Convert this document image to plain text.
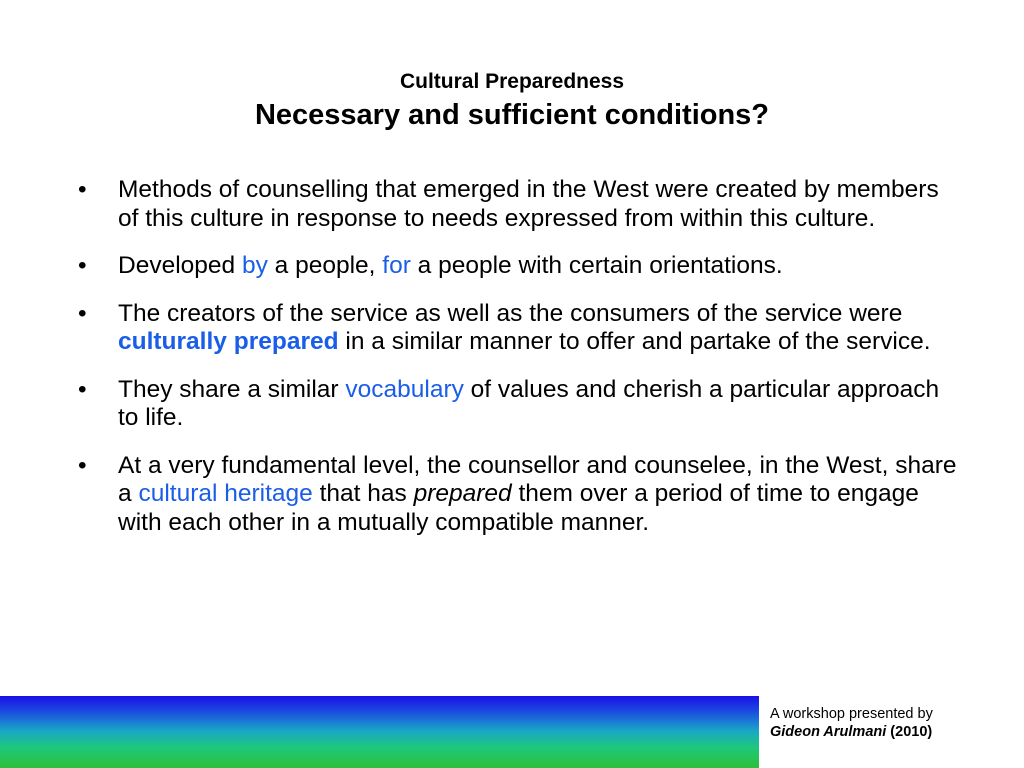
Cultural Preparedness
Necessary and sufficient conditions?
•	Methods of counselling that emerged in the West were created by members of this culture in response to needs expressed from within this culture.
•	Developed by a people, for a people with certain orientations.
•	The creators of the service as well as the consumers of the service were culturally prepared in a similar manner to offer and partake of the service.
•	They share a similar vocabulary of values and cherish a particular approach to life.
•	At a very fundamental level, the counsellor and counselee, in the West, share a cultural heritage that has prepared them over a period of time to engage with each other in a mutually compatible manner.
A workshop presented by
Gideon Arulmani (2010)
